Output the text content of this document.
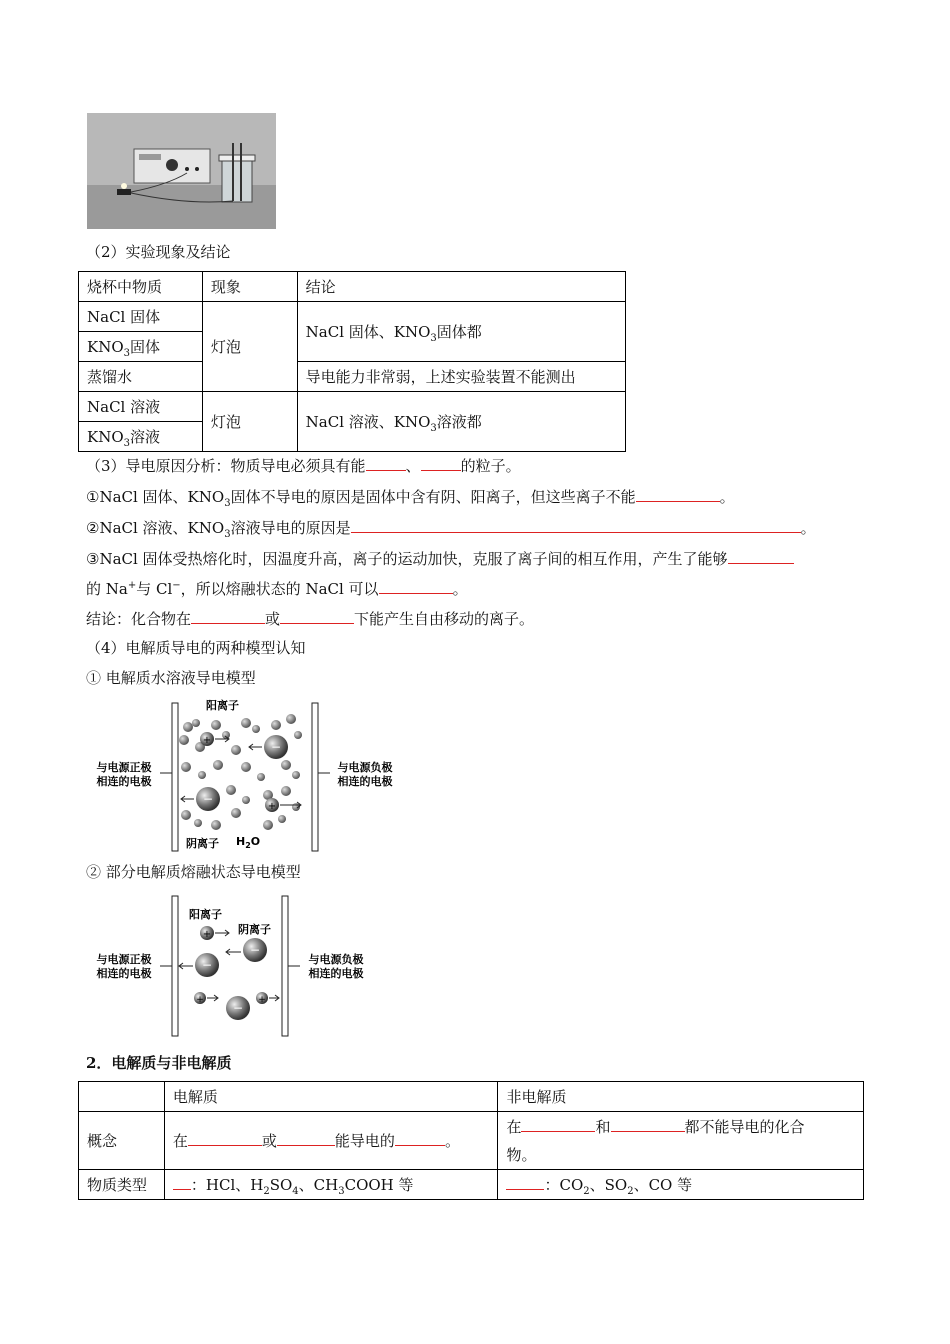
（2）实验现象及结论
烧杯中物质	现象	结论
NaCl 固体	灯泡	NaCl 固体、$KNO_3$固体都
$KNO_3$固体		
蒸馏水		导电能力非常弱，上述实验装置不能测出
NaCl 溶液	灯泡	NaCl 溶液、$KNO_3$溶液都
$KNO_3$溶液		
（3）导电原因分析：物质导电必须具有能	、	的粒子。
①NaCl 固体、$KNO_3$固体不导电的原因是固体中含有阴、阳离子，但这些离子不能	。
②NaCl 溶液、$KNO_3$溶液导电的原因是	。
③NaCl 固体受热熔化时，因温度升高，离子的运动加快，克服了离子间的相互作用，产生了能够
的 Na+与 Cl−，所以熔融状态的 NaCl 可以	。
结论：化合物在	或	下能产生自由移动的离子。
（4）电解质导电的两种模型认知
① 电解质水溶液导电模型
与电源正极
相连的电极
与电源负极
相连的电极
阳离子
+	−
−
+
阴离子 $H_2O$
② 部分电解质熔融状态导电模型
与电源正极
相连的电极
与电源负极
相连的电极
阳离子
阴离子
+
−
−
+
−
+
2．电解质与非电解质
	电解质	非电解质
概念	在 或 能导电的 。	在 和 都不能导电的化合
物。
物质类型	：HCl、$H_2SO_4$、$CH_3COOH$ 等	：$CO_2$、$SO_2$、CO 等
